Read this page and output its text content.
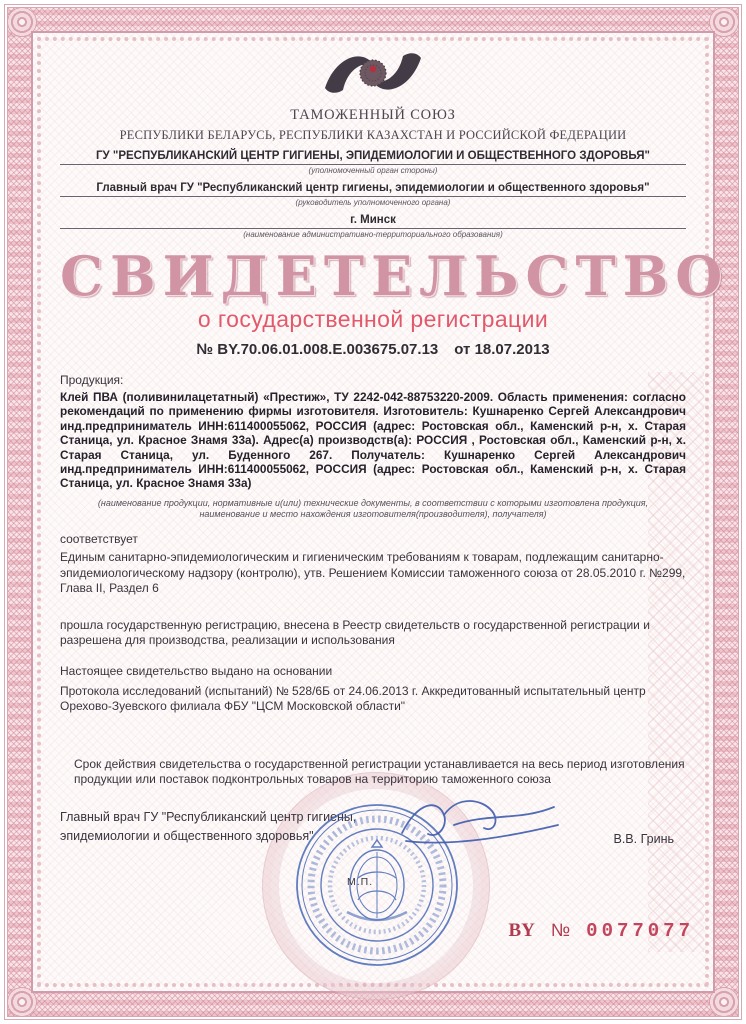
ТАМОЖЕННЫЙ СОЮЗ
РЕСПУБЛИКИ БЕЛАРУСЬ, РЕСПУБЛИКИ КАЗАХСТАН И РОССИЙСКОЙ ФЕДЕРАЦИИ
ГУ "РЕСПУБЛИКАНСКИЙ ЦЕНТР ГИГИЕНЫ, ЭПИДЕМИОЛОГИИ И ОБЩЕСТВЕННОГО ЗДОРОВЬЯ"
(уполномоченный орган стороны)
Главный врач ГУ "Республиканский центр гигиены, эпидемиологии и общественного здоровья"
(руководитель уполномоченного органа)
г. Минск
(наименование административно-территориального образования)
СВИДЕТЕЛЬСТВО
о государственной регистрации
№ BY.70.06.01.008.E.003675.07.13 от 18.07.2013
Продукция:
Клей ПВА (поливинилацетатный) «Престиж», ТУ 2242-042-88753220-2009. Область применения: согласно рекомендаций по применению фирмы изготовителя. Изготовитель: Кушнаренко Сергей Александрович инд.предприниматель ИНН:611400055062, РОССИЯ (адрес: Ростовская обл., Каменский р-н, х. Старая Станица, ул. Красное Знамя 33а). Адрес(а) производств(а): РОССИЯ , Ростовская обл., Каменский р-н, х. Старая Станица, ул. Буденного 267. Получатель: Кушнаренко Сергей Александрович инд.предприниматель ИНН:611400055062, РОССИЯ (адрес: Ростовская обл., Каменский р-н, х. Старая Станица, ул. Красное Знамя 33а)
(наименование продукции, нормативные и(или) технические документы, в соответствии с которыми изготовлена продукция, наименование и место нахождения изготовителя(производителя), получателя)
соответствует
Единым санитарно-эпидемиологическим и гигиеническим требованиям к товарам, подлежащим санитарно-эпидемиологическому надзору (контролю), утв. Решением Комиссии таможенного союза от 28.05.2010 г. №299, Глава II, Раздел 6
прошла государственную регистрацию, внесена в Реестр свидетельств о государственной регистрации и разрешена для производства, реализации и использования
Настоящее свидетельство выдано на основании
Протокола исследований (испытаний) № 528/6Б от 24.06.2013 г. Аккредитованный испытательный центр Орехово-Зуевского филиала ФБУ "ЦСМ Московской области"
Срок действия свидетельства о государственной регистрации устанавливается на весь период изготовления продукции или поставок подконтрольных товаров на территорию таможенного союза
Главный врач ГУ "Республиканский центр гигиены, эпидемиологии и общественного здоровья"	В.В. Гринь
М.П.
BY № 0077077
